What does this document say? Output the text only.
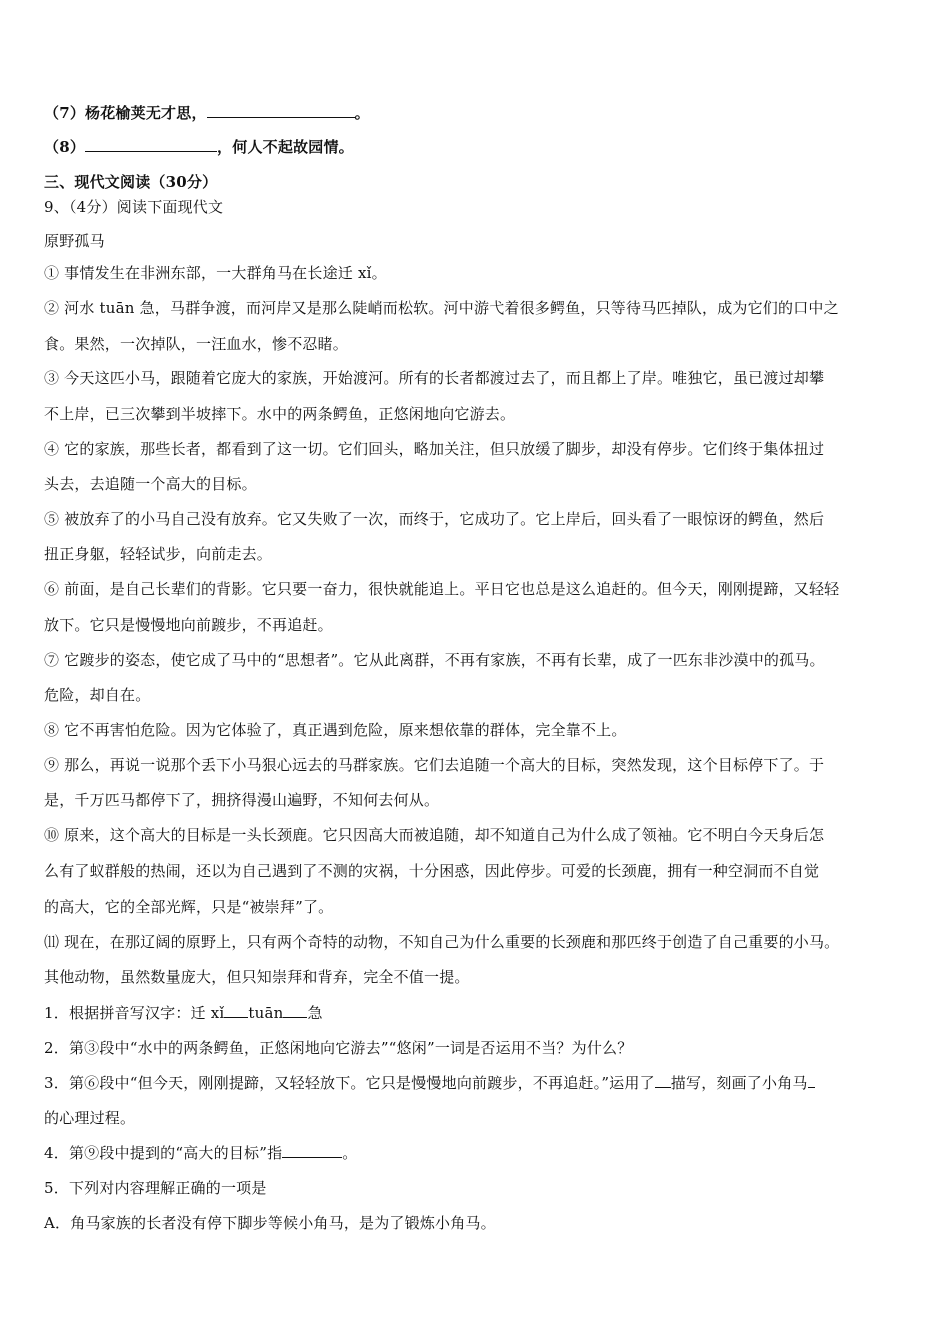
（7）杨花榆荚无才思，	。
（8）	，何人不起故园情。
三、现代文阅读（30分）
9、（4分）阅读下面现代文
原野孤马
① 事情发生在非洲东部，一大群角马在长途迁 xǐ。
② 河水 tuān 急，马群争渡，而河岸又是那么陡峭而松软。河中游弋着很多鳄鱼，只等待马匹掉队，成为它们的口中之
食。果然，一次掉队，一汪血水，惨不忍睹。
③ 今天这匹小马，跟随着它庞大的家族，开始渡河。所有的长者都渡过去了，而且都上了岸。唯独它，虽已渡过却攀
不上岸，已三次攀到半坡摔下。水中的两条鳄鱼，正悠闲地向它游去。
④ 它的家族，那些长者，都看到了这一切。它们回头，略加关注，但只放缓了脚步，却没有停步。它们终于集体扭过
头去，去追随一个高大的目标。
⑤ 被放弃了的小马自己没有放弃。它又失败了一次，而终于，它成功了。它上岸后，回头看了一眼惊讶的鳄鱼，然后
扭正身躯，轻轻试步，向前走去。
⑥ 前面，是自己长辈们的背影。它只要一奋力，很快就能追上。平日它也总是这么追赶的。但今天，刚刚提蹄，又轻轻
放下。它只是慢慢地向前踱步，不再追赶。
⑦ 它踱步的姿态，使它成了马中的“思想者”。它从此离群，不再有家族，不再有长辈，成了一匹东非沙漠中的孤马。
危险，却自在。
⑧ 它不再害怕危险。因为它体验了，真正遇到危险，原来想依靠的群体，完全靠不上。
⑨ 那么，再说一说那个丢下小马狠心远去的马群家族。它们去追随一个高大的目标，突然发现，这个目标停下了。于
是，千万匹马都停下了，拥挤得漫山遍野，不知何去何从。
⑩ 原来，这个高大的目标是一头长颈鹿。它只因高大而被追随，却不知道自己为什么成了领袖。它不明白今天身后怎
么有了蚁群般的热闹，还以为自己遇到了不测的灾祸，十分困惑，因此停步。可爱的长颈鹿，拥有一种空洞而不自觉
的高大，它的全部光辉，只是“被崇拜”了。
⑾ 现在，在那辽阔的原野上，只有两个奇特的动物，不知自己为什么重要的长颈鹿和那匹终于创造了自己重要的小马。
其他动物，虽然数量庞大，但只知崇拜和背弃，完全不值一提。
1．根据拼音写汉字：迁 xǐ tuān 急
2．第③段中“水中的两条鳄鱼，正悠闲地向它游去”“悠闲”一词是否运用不当？为什么？
3．第⑥段中“但今天，刚刚提蹄，又轻轻放下。它只是慢慢地向前踱步，不再追赶。”运用了 描写，刻画了小角马
的心理过程。
4．第⑨段中提到的“高大的目标”指	。
5．下列对内容理解正确的一项是
A．角马家族的长者没有停下脚步等候小角马，是为了锻炼小角马。
